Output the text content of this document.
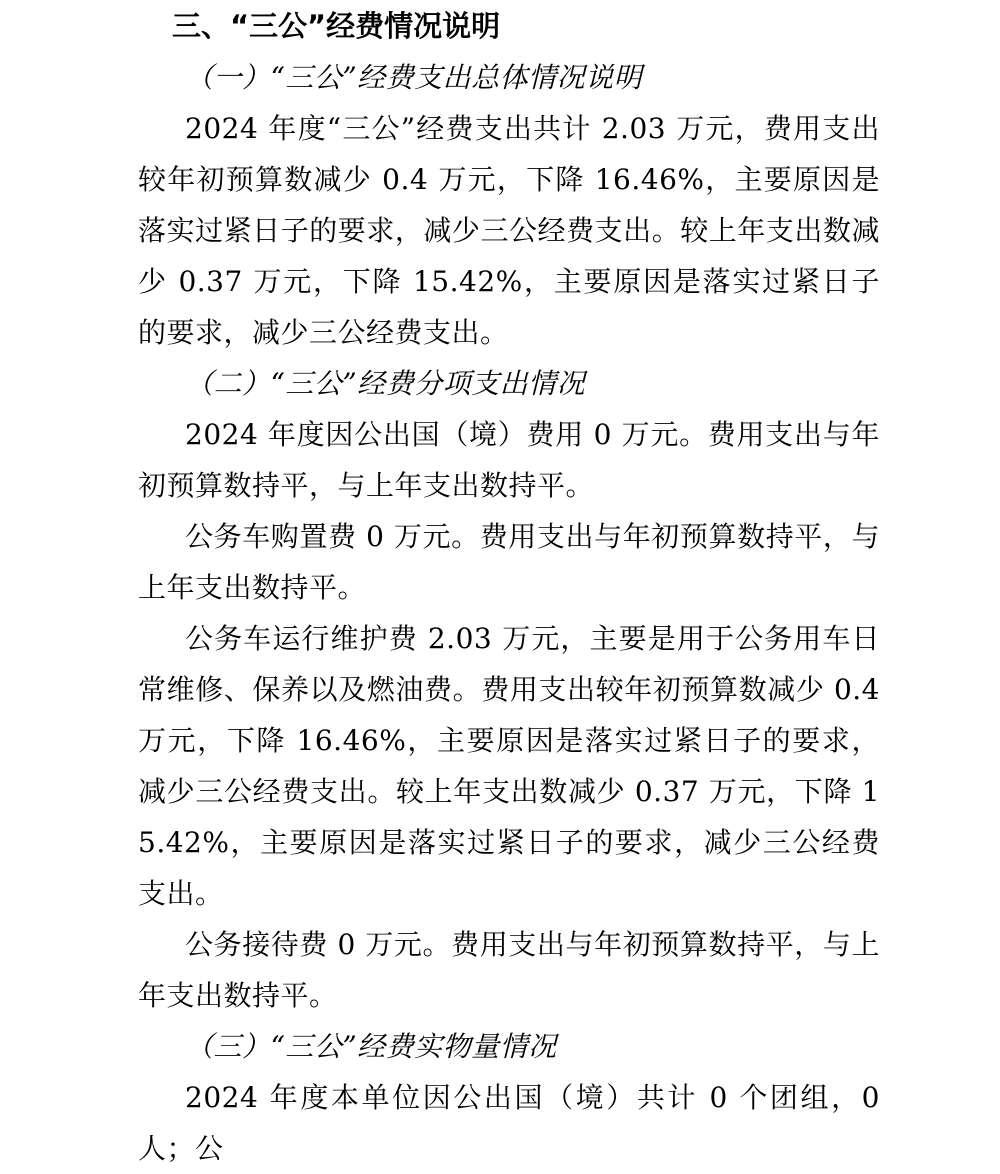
三、“三公”经费情况说明
（一）“三公”经费支出总体情况说明

2024 年度“三公”经费支出共计 2.03 万元，费用支出较年初预算数减少 0.4 万元，下降 16.46%，主要原因是落实过紧日子的要求，减少三公经费支出。较上年支出数减少 0.37 万元，下降 15.42%，主要原因是落实过紧日子的要求，减少三公经费支出。

（二）“三公”经费分项支出情况

2024 年度因公出国（境）费用 0 万元。费用支出与年初预算数持平，与上年支出数持平。

公务车购置费 0 万元。费用支出与年初预算数持平，与上年支出数持平。

公务车运行维护费 2.03 万元，主要是用于公务用车日常维修、保养以及燃油费。费用支出较年初预算数减少 0.4 万元，下降 16.46%，主要原因是落实过紧日子的要求，减少三公经费支出。较上年支出数减少 0.37 万元，下降 15.42%，主要原因是落实过紧日子的要求，减少三公经费支出。

公务接待费 0 万元。费用支出与年初预算数持平，与上年支出数持平。

（三）“三公”经费实物量情况

2024 年度本单位因公出国（境）共计 0 个团组，0 人；公
